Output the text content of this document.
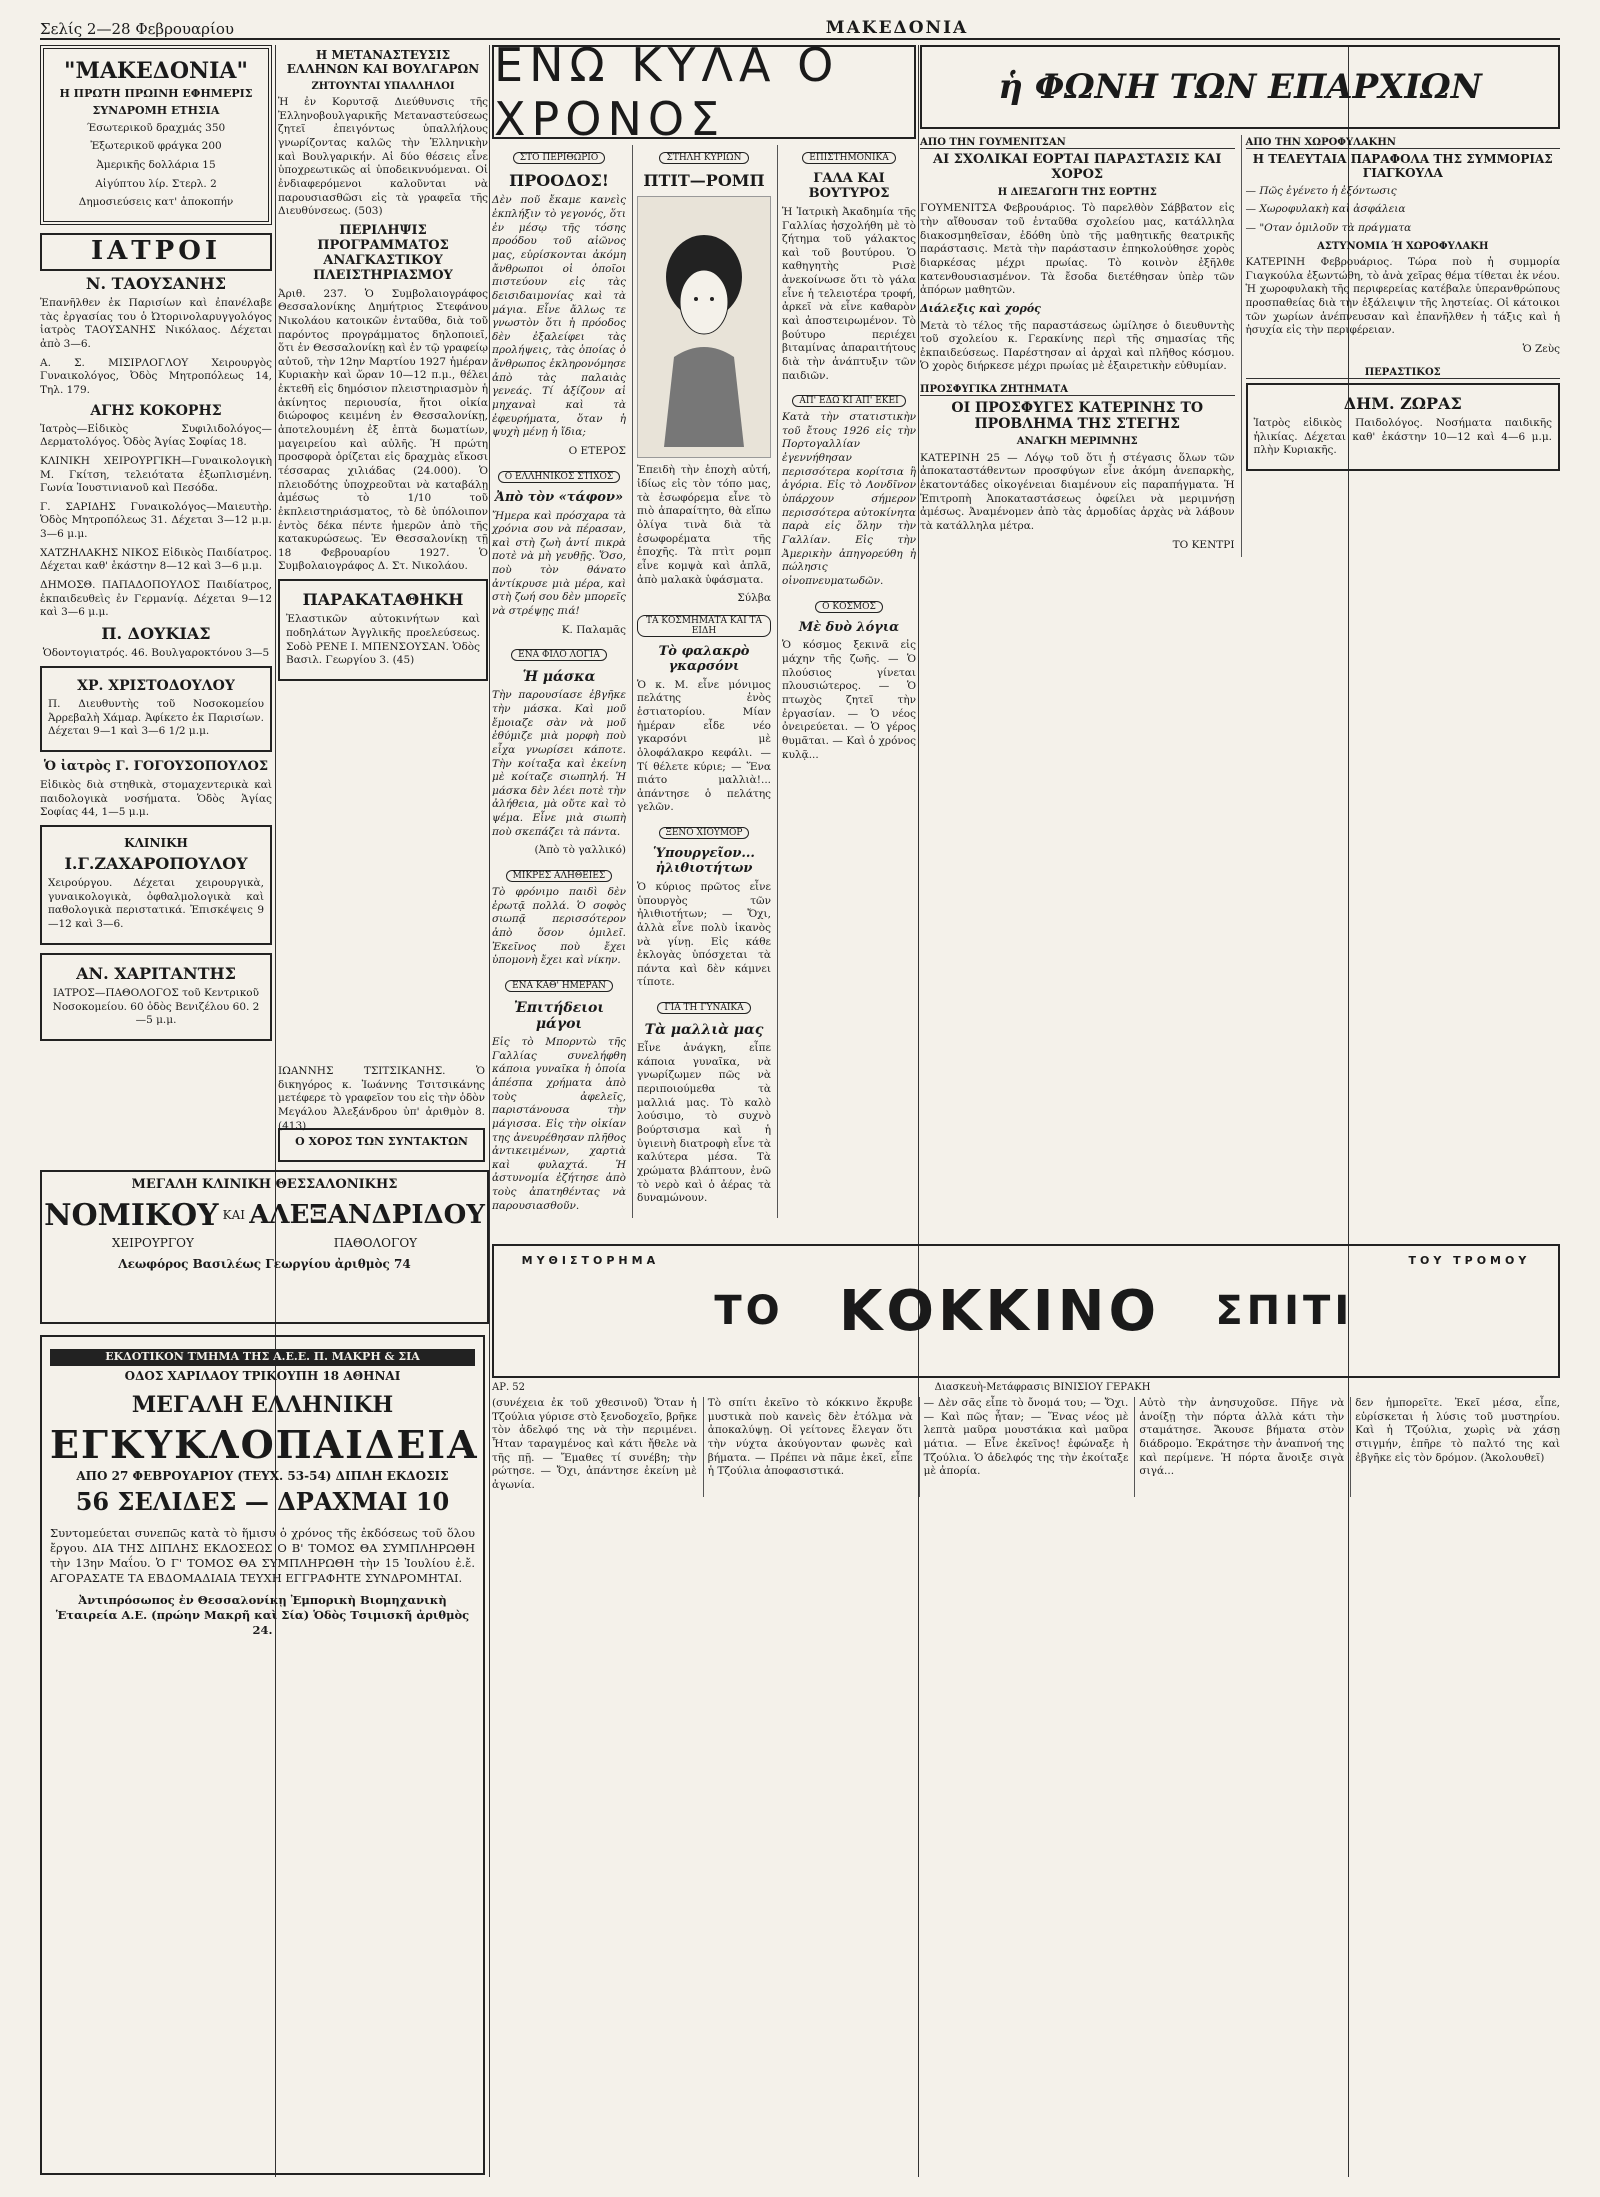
Σελίς 2—28 Φεβρουαρίου	ΜΑΚΕΔΟΝΙΑ
"ΜΑΚΕΔΟΝΙΑ"
Η ΠΡΩΤΗ ΠΡΩΙΝΗ ΕΦΗΜΕΡΙΣ
ΣΥΝΔΡΟΜΗ ΕΤΗΣΙΑ
Έσωτερικοῦ δραχμάς 350
Ἐξωτερικοῦ φράγκα 200
Ἀμερικῆς δολλάρια 15
Αἰγύπτου λίρ. Στερλ. 2
Δημοσιεύσεις κατ' ἀποκοπήν
ΙΑΤΡΟΙ
Ν. ΤΑΟΥΣΑΝΗΣ

Ἐπανῆλθεν ἐκ Παρισίων καὶ ἐπανέλαβε τὰς ἐργασίας του ὁ Ὠτορινολαρυγγολόγος ἰατρὸς ΤΑΟΥΣΑΝΗΣ Νικόλαος. Δέχεται ἀπὸ 3—6.

Α. Σ. ΜΙΣΙΡΛΟΓΛΟΥ Χειρουργὸς Γυναικολόγος, Ὀδὸς Μητροπόλεως 14, Τηλ. 179.

ΑΓΗΣ ΚΟΚΟΡΗΣ

Ἰατρὸς—Εἰδικὸς Συφιλιδολόγος—Δερματολόγος. Ὁδὸς Ἁγίας Σοφίας 18.

ΚΛΙΝΙΚΗ ΧΕΙΡΟΥΡΓΙΚΗ—Γυναικολογικὴ Μ. Γκίτση, τελειότατα ἐξωπλισμένη. Γωνία Ἰουστινιανοῦ καὶ Πεσόδα.

Γ. ΣΑΡΙΔΗΣ Γυναικολόγος—Μαιευτὴρ. Ὁδὸς Μητροπόλεως 31. Δέχεται 3—12 μ.μ. 3—6 μ.μ.

ΧΑΤΖΗΛΑΚΗΣ ΝΙΚΟΣ Εἰδικὸς Παιδίατρος. Δέχεται καθ' ἑκάστην 8—12 καὶ 3—6 μ.μ.

ΔΗΜΟΣΘ. ΠΑΠΑΔΟΠΟΥΛΟΣ Παιδίατρος, ἐκπαιδευθεὶς ἐν Γερμανίᾳ. Δέχεται 9—12 καὶ 3—6 μ.μ.

Π. ΔΟΥΚΙΑΣ

Ὁδοντογιατρός. 46. Βουλγαροκτόνου 3—5

ΧΡ. ΧΡΙΣΤΟΔΟΥΛΟΥ

Π. Διευθυντὴς τοῦ Νοσοκομείου Ἀρρεβαλὴ Χάμαρ. Ἀφίκετο ἐκ Παρισίων. Δέχεται 9—1 καὶ 3—6 1/2 μ.μ.

Ὁ ἰατρὸς Γ. ΓΟΓΟΥΣΟΠΟΥΛΟΣ

Εἰδικὸς διὰ στηθικὰ, στομαχεντερικὰ καὶ παιδολογικὰ νοσήματα. Ὁδὸς Ἁγίας Σοφίας 44, 1—5 μ.μ.

ΚΛΙΝΙΚΗ
Ι.Γ.ΖΑΧΑΡΟΠΟΥΛΟΥ

Χειρούργου. Δέχεται χειρουργικὰ, γυναικολογικὰ, ὀφθαλμολογικὰ καὶ παθολογικὰ περιστατικά. Ἐπισκέψεις 9—12 καὶ 3—6.

ΑΝ. ΧΑΡΙΤΑΝΤΗΣ

ΙΑΤΡΟΣ—ΠΑΘΟΛΟΓΟΣ τοῦ Κεντρικοῦ Νοσοκομείου. 60 ὁδὸς Βενιζέλου 60. 2—5 μ.μ.

Η ΜΕΤΑΝΑΣΤΕΥΣΙΣ ΕΛΛΗΝΩΝ ΚΑΙ ΒΟΥΛΓΑΡΩΝ
ΖΗΤΟΥΝΤΑΙ ΥΠΑΛΛΗΛΟΙ

Ἡ ἐν Κορυτσᾷ Διεύθυνσις τῆς Ἐλληνοβουλγαρικῆς Μεταναστεύσεως ζητεῖ ἐπειγόντως ὑπαλλήλους γνωρίζοντας καλῶς τὴν Ἑλληνικὴν καὶ Βουλγαρικήν. Αἱ δύο θέσεις εἶνε ὑποχρεωτικῶς αἱ ὑποδεικνυόμεναι. Οἱ ἐνδιαφερόμενοι καλοῦνται νὰ παρουσιασθῶσι εἰς τὰ γραφεῖα τῆς Διευθύνσεως. (503)

ΠΕΡΙΛΗΨΙΣ ΠΡΟΓΡΑΜΜΑΤΟΣ ΑΝΑΓΚΑΣΤΙΚΟΥ ΠΛΕΙΣΤΗΡΙΑΣΜΟΥ

Ἀριθ. 237. Ὁ Συμβολαιογράφος Θεσσαλονίκης Δημήτριος Στεφάνου Νικολάου κατοικῶν ἐνταῦθα, διὰ τοῦ παρόντος προγράμματος δηλοποιεῖ, ὅτι ἐν Θεσσαλονίκῃ καὶ ἐν τῷ γραφείῳ αὐτοῦ, τὴν 12ην Μαρτίου 1927 ἡμέραν Κυριακὴν καὶ ὥραν 10—12 π.μ., θέλει ἐκτεθῆ εἰς δημόσιον πλειστηριασμὸν ἡ ἀκίνητος περιουσία, ἤτοι οἰκία διώροφος κειμένη ἐν Θεσσαλονίκῃ, ἀποτελουμένη ἐξ ἑπτὰ δωματίων, μαγειρείου καὶ αὐλῆς. Ἡ πρώτη προσφορὰ ὁρίζεται εἰς δραχμὰς εἴκοσι τέσσαρας χιλιάδας (24.000). Ὁ πλειοδότης ὑποχρεοῦται νὰ καταβάλῃ ἀμέσως τὸ 1/10 τοῦ ἐκπλειστηριάσματος, τὸ δὲ ὑπόλοιπον ἐντὸς δέκα πέντε ἡμερῶν ἀπὸ τῆς κατακυρώσεως. Ἐν Θεσσαλονίκῃ τῇ 18 Φεβρουαρίου 1927. Ὁ Συμβολαιογράφος Δ. Στ. Νικολάου.

ΠΑΡΑΚΑΤΑΘΗΚΗ

Ἐλαστικῶν αὐτοκινήτων καὶ ποδηλάτων Ἀγγλικῆς προελεύσεως. Σοδὸ ΡΕΝΕ Ι. ΜΠΕΝΣΟΥΣΑΝ. Ὁδὸς Βασιλ. Γεωργίου 3. (45)

ΜΕΓΑΛΗ ΚΛΙΝΙΚΗ ΘΕΣΣΑΛΟΝΙΚΗΣ
ΝΟΜΙΚΟΥ ΚΑΙ ΑΛΕΞΑΝΔΡΙΔΟΥ
ΧΕΙΡΟΥΡΓΟΥ	ΠΑΘΟΛΟΓΟΥ
Λεωφόρος Βασιλέως Γεωργίου ἀριθμὸς 74
ΕΚΔΟΤΙΚΟΝ ΤΜΗΜΑ ΤΗΣ Α.Ε.Ε. Π. ΜΑΚΡΗ & ΣΙΑ
ΟΔΟΣ ΧΑΡΙΛΑΟΥ ΤΡΙΚΟΥΠΗ 18 ΑΘΗΝΑΙ
ΜΕΓΑΛΗ ΕΛΛΗΝΙΚΗ
ΕΓΚΥΚΛΟΠΑΙΔΕΙΑ
ΑΠΟ 27 ΦΕΒΡΟΥΑΡΙΟΥ (ΤΕΥΧ. 53-54) ΔΙΠΛΗ ΕΚΔΟΣΙΣ
56 ΣΕΛΙΔΕΣ — ΔΡΑΧΜΑΙ 10

Συντομεύεται συνεπῶς κατὰ τὸ ἥμισυ ὁ χρόνος τῆς ἐκδόσεως τοῦ ὅλου ἔργου. ΔΙΑ ΤΗΣ ΔΙΠΛΗΣ ΕΚΔΟΣΕΩΣ Ο Β' ΤΟΜΟΣ ΘΑ ΣΥΜΠΛΗΡΩΘΗ τὴν 13ην Μαΐου. Ὁ Γ' ΤΟΜΟΣ ΘΑ ΣΥΜΠΛΗΡΩΘΗ τὴν 15 Ἰουλίου ἐ.ἔ. ΑΓΟΡΑΣΑΤΕ ΤΑ ΕΒΔΟΜΑΔΙΑΙΑ ΤΕΥΧΗ ΕΓΓΡΑΦΗΤΕ ΣΥΝΔΡΟΜΗΤΑΙ.

Ἀντιπρόσωπος ἐν Θεσσαλονίκῃ Ἐμπορικὴ Βιομηχανικὴ Ἑταιρεία Α.Ε. (πρώην Μακρῆ καὶ Σία) Ὁδὸς Τσιμισκῆ ἀριθμὸς 24.

ΕΝΩ ΚΥΛΑ Ο ΧΡΟΝΟΣ
ΣΤΟ ΠΕΡΙΘΩΡΙΟ
ΠΡΟΟΔΟΣ!

Δὲν ποῦ ἔκαμε κανεὶς ἐκπλήξιν τὸ γεγονός, ὅτι ἐν μέσῳ τῆς τόσης προόδου τοῦ αἰῶνος μας, εὑρίσκονται ἀκόμη ἄνθρωποι οἱ ὁποῖοι πιστεύουν εἰς τὰς δεισιδαιμονίας καὶ τὰ μάγια. Εἶνε ἄλλως τε γνωστὸν ὅτι ἡ πρόοδος δὲν ἐξαλείφει τὰς προλήψεις, τὰς ὁποίας ὁ ἄνθρωπος ἐκληρονόμησε ἀπὸ τὰς παλαιὰς γενεάς. Τί ἀξίζουν αἱ μηχαναὶ καὶ τὰ ἐφευρήματα, ὅταν ἡ ψυχὴ μένῃ ἡ ἴδια;

Ο ΕΤΕΡΟΣ

Ο ΕΛΛΗΝΙΚΟΣ ΣΤΙΧΟΣ
Ἀπὸ τὸν «τάφον»

Ἤμερα καὶ πρόσχαρα τὰ χρόνια σου νὰ πέρασαν, καὶ στὴ ζωὴ ἀντί πικρὰ ποτὲ νὰ μὴ γευθῇς. Ὅσο, ποὺ τὸν θάνατο ἀντίκρυσε μιὰ μέρα, καὶ στὴ ζωή σου δὲν μπορεῖς νὰ στρέψῃς πιά!

Κ. Παλαμᾶς

ΕΝΑ ΦΙΛΟ ΛΟΓΙΑ
Ἡ μάσκα

Τὴν παρουσίασε ἐβγῆκε τὴν μάσκα. Καὶ μοῦ ἔμοιαζε σὰν νὰ μοῦ ἐθύμιζε μιὰ μορφὴ ποὺ εἶχα γνωρίσει κάποτε. Τὴν κοίταξα καὶ ἐκείνη μὲ κοίταζε σιωπηλή. Ἡ μάσκα δὲν λέει ποτὲ τὴν ἀλήθεια, μὰ οὔτε καὶ τὸ ψέμα. Εἶνε μιὰ σιωπὴ ποὺ σκεπάζει τὰ πάντα.

(Ἀπὸ τὸ γαλλικό)

ΜΙΚΡΕΣ ΑΛΗΘΕΙΕΣ

Τὸ φρόνιμο παιδὶ δὲν ἐρωτᾷ πολλά. Ὁ σοφὸς σιωπᾷ περισσότερον ἀπὸ ὅσον ὁμιλεῖ. Ἐκεῖνος ποὺ ἔχει ὑπομονὴ ἔχει καὶ νίκην.

ΕΝΑ ΚΑΘ' ΗΜΕΡΑΝ
Ἐπιτήδειοι μάγοι

Εἰς τὸ Μπορντὼ τῆς Γαλλίας συνελήφθη κάποια γυναῖκα ἡ ὁποία ἀπέσπα χρήματα ἀπὸ τοὺς ἀφελεῖς, παριστάνουσα τὴν μάγισσα. Εἰς τὴν οἰκίαν της ἀνευρέθησαν πλῆθος ἀντικειμένων, χαρτιὰ καὶ φυλαχτά. Ἡ ἀστυνομία ἐζήτησε ἀπὸ τοὺς ἀπατηθέντας νὰ παρουσιασθοῦν.

ΣΤΗΛΗ ΚΥΡΙΩΝ
ΠΤΙΤ—ΡΟΜΠ

Ἐπειδὴ τὴν ἐποχὴ αὐτή, ἰδίως εἰς τὸν τόπο μας, τὰ ἐσωφόρεμα εἶνε τὸ πιὸ ἀπαραίτητο, θὰ εἴπω ὀλίγα τινὰ διὰ τὰ ἐσωφορέματα τῆς ἐποχῆς. Τὰ πτὶτ ρομπ εἶνε κομψὰ καὶ ἁπλᾶ, ἀπὸ μαλακὰ ὑφάσματα.

Σύλβα

ΤΑ ΚΟΣΜΗΜΑΤΑ ΚΑΙ ΤΑ ΕΙΔΗ
Τὸ φαλακρὸ γκαρσόνι

Ὁ κ. Μ. εἶνε μόνιμος πελάτης ἑνὸς ἑστιατορίου. Μίαν ἡμέραν εἶδε νέο γκαρσόνι μὲ ὁλοφάλακρο κεφάλι. — Τί θέλετε κύριε; — Ἕνα πιάτο μαλλιὰ!... ἀπάντησε ὁ πελάτης γελῶν.

ΞΕΝΟ ΧΙΟΥΜΟΡ
Ὑπουργεῖον... ἠλιθιοτήτων

Ὁ κύριος πρῶτος εἶνε ὑπουργὸς τῶν ἠλιθιοτήτων; — Ὄχι, ἀλλὰ εἶνε πολὺ ἱκανὸς νὰ γίνῃ. Εἰς κάθε ἐκλογὰς ὑπόσχεται τὰ πάντα καὶ δὲν κάμνει τίποτε.

ΓΙΑ ΤΗ ΓΥΝΑΙΚΑ
Τὰ μαλλιὰ μας

Εἶνε ἀνάγκη, εἶπε κάποια γυναῖκα, νὰ γνωρίζωμεν πῶς νὰ περιποιούμεθα τὰ μαλλιά μας. Τὸ καλὸ λούσιμο, τὸ συχνὸ βούρτσισμα καὶ ἡ ὑγιεινὴ διατροφὴ εἶνε τὰ καλύτερα μέσα. Τὰ χρώματα βλάπτουν, ἐνῶ τὸ νερὸ καὶ ὁ ἀέρας τὰ δυναμώνουν.

ΕΠΙΣΤΗΜΟΝΙΚΑ
ΓΑΛΑ ΚΑΙ ΒΟΥΤΥΡΟΣ

Ἡ Ἰατρικὴ Ἀκαδημία τῆς Γαλλίας ἠσχολήθη μὲ τὸ ζήτημα τοῦ γάλακτος καὶ τοῦ βουτύρου. Ὁ καθηγητὴς Ρισὲ ἀνεκοίνωσε ὅτι τὸ γάλα εἶνε ἡ τελειοτέρα τροφή, ἀρκεῖ νὰ εἶνε καθαρὸν καὶ ἀποστειρωμένον. Τὸ βούτυρο περιέχει βιταμίνας ἀπαραιτήτους διὰ τὴν ἀνάπτυξιν τῶν παιδιῶν.

ΑΠ' ΕΔΩ ΚΙ ΑΠ' ΕΚΕΙ

Κατὰ τὴν στατιστικὴν τοῦ ἔτους 1926 εἰς τὴν Πορτογαλλίαν ἐγεννήθησαν περισσότερα κορίτσια ἢ ἀγόρια. Εἰς τὸ Λονδῖνον ὑπάρχουν σήμερον περισσότερα αὐτοκίνητα παρὰ εἰς ὅλην τὴν Γαλλίαν. Εἰς τὴν Ἀμερικὴν ἀπηγορεύθη ἡ πώλησις οἰνοπνευματωδῶν.

Ο ΚΟΣΜΟΣ
Μὲ δυὸ λόγια

Ὁ κόσμος ξεκινᾶ εἰς μάχην τῆς ζωῆς. — Ὁ πλούσιος γίνεται πλουσιώτερος. — Ὁ πτωχὸς ζητεῖ τὴν ἐργασίαν. — Ὁ νέος ὀνειρεύεται. — Ὁ γέρος θυμᾶται. — Καὶ ὁ χρόνος κυλᾷ...

ἡ ΦΩΝΗ ΤΩΝ ΕΠΑΡΧΙΩΝ
ΑΠΟ ΤΗΝ ΓΟΥΜΕΝΙΤΣΑΝ
ΑΙ ΣΧΟΛΙΚΑΙ ΕΟΡΤΑΙ ΠΑΡΑΣΤΑΣΙΣ ΚΑΙ ΧΟΡΟΣ
Η ΔΙΕΞΑΓΩΓΗ ΤΗΣ ΕΟΡΤΗΣ

ΓΟΥΜΕΝΙΤΣΑ Φεβρουάριος. Τὸ παρελθὸν Σάββατον εἰς τὴν αἴθουσαν τοῦ ἐνταῦθα σχολείου μας, κατάλληλα διακοσμηθεῖσαν, ἐδόθη ὑπὸ τῆς μαθητικῆς θεατρικῆς παράστασις. Μετὰ τὴν παράστασιν ἐπηκολούθησε χορὸς διαρκέσας μέχρι πρωίας. Τὸ κοινὸν ἐξῆλθε κατενθουσιασμένον. Τὰ ἔσοδα διετέθησαν ὑπὲρ τῶν ἀπόρων μαθητῶν.

Διάλεξις καὶ χορός

Μετὰ τὸ τέλος τῆς παραστάσεως ὡμίλησε ὁ διευθυντὴς τοῦ σχολείου κ. Γερακίνης περὶ τῆς σημασίας τῆς ἐκπαιδεύσεως. Παρέστησαν αἱ ἀρχαὶ καὶ πλῆθος κόσμου. Ὁ χορὸς διήρκεσε μέχρι πρωίας μὲ ἐξαιρετικὴν εὐθυμίαν.

ΠΡΟΣΦΥΓΙΚΑ ΖΗΤΗΜΑΤΑ
ΟΙ ΠΡΟΣΦΥΓΕΣ ΚΑΤΕΡΙΝΗΣ ΤΟ ΠΡΟΒΛΗΜΑ ΤΗΣ ΣΤΕΓΗΣ
ΑΝΑΓΚΗ ΜΕΡΙΜΝΗΣ

ΚΑΤΕΡΙΝΗ 25 — Λόγῳ τοῦ ὅτι ἡ στέγασις ὅλων τῶν ἀποκαταστάθεντων προσφύγων εἶνε ἀκόμη ἀνεπαρκὴς, ἑκατοντάδες οἰκογένειαι διαμένουν εἰς παραπήγματα. Ἡ Ἐπιτροπὴ Ἀποκαταστάσεως ὀφείλει νὰ μεριμνήσῃ ἀμέσως. Ἀναμένομεν ἀπὸ τὰς ἁρμοδίας ἀρχὰς νὰ λάβουν τὰ κατάλληλα μέτρα.

ΤΟ ΚΕΝΤΡΙ

ΑΠΟ ΤΗΝ ΧΩΡΟΦΥΛΑΚΗΝ
Η ΤΕΛΕΥΤΑΙΑ ΠΑΡΑΦΟΛΑ ΤΗΣ ΣΥΜΜΟΡΙΑΣ ΓΙΑΓΚΟΥΛΑ

— Πῶς ἐγένετο ἡ ἐξόντωσις

— Χωροφυλακὴ καὶ ἀσφάλεια

— "Οταν ὁμιλοῦν τὰ πράγματα

ΑΣΤΥΝΟΜΙΑ Ή ΧΩΡΟΦΥΛΑΚΗ

ΚΑΤΕΡΙΝΗ Φεβρουάριος. Τώρα ποὺ ἡ συμμορία Γιαγκούλα ἐξωντώθη, τὸ ἀνὰ χεῖρας θέμα τίθεται ἐκ νέου. Ἡ χωροφυλακὴ τῆς περιφερείας κατέβαλε ὑπερανθρώπους προσπαθείας διὰ τὴν ἐξάλειψιν τῆς ληστείας. Οἱ κάτοικοι τῶν χωρίων ἀνέπνευσαν καὶ ἐπανῆλθεν ἡ τάξις καὶ ἡ ἡσυχία εἰς τὴν περιφέρειαν.

Ὁ Ζεὺς

ΠΕΡΑΣΤΙΚΟΣ
ΔΗΜ. ΖΩΡΑΣ

Ἰατρὸς εἰδικὸς Παιδολόγος. Νοσήματα παιδικῆς ἡλικίας. Δέχεται καθ' ἑκάστην 10—12 καὶ 4—6 μ.μ. πλὴν Κυριακῆς.

Ο ΧΟΡΟΣ ΤΩΝ ΣΥΝΤΑΚΤΩΝ
ΜΥΘΙΣΤΟΡΗΜΑ
ΤΟ ΚΟΚΚΙΝΟ ΣΠΙΤΙ
ΤΟΥ ΤΡΟΜΟΥ
ΑΡ. 52	Διασκευὴ-Μετάφρασις ΒΙΝΙΣΙΟΥ ΓΕΡΑΚΗ

(συνέχεια ἐκ τοῦ χθεσινοῦ) Ὅταν ἡ Τζούλια γύρισε στὸ ξενοδοχεῖο, βρῆκε τὸν ἀδελφό της νὰ τὴν περιμένει. Ἦταν ταραγμένος καὶ κάτι ἤθελε νὰ τῆς πῇ. — Ἔμαθες τί συνέβη; τὴν ρώτησε. — Ὄχι, ἀπάντησε ἐκείνη μὲ ἀγωνία.

Τὸ σπίτι ἐκεῖνο τὸ κόκκινο ἔκρυβε μυστικὰ ποὺ κανεὶς δὲν ἐτόλμα νὰ ἀποκαλύψῃ. Οἱ γείτονες ἔλεγαν ὅτι τὴν νύχτα ἀκούγονταν φωνὲς καὶ βήματα. — Πρέπει νὰ πᾶμε ἐκεῖ, εἶπε ἡ Τζούλια ἀποφασιστικά.

— Δὲν σᾶς εἶπε τὸ ὄνομά του; — Ὄχι. — Καὶ πῶς ἦταν; — Ἕνας νέος μὲ λεπτὰ μαῦρα μουστάκια καὶ μαῦρα μάτια. — Εἶνε ἐκεῖνος! ἐφώναξε ἡ Τζούλια. Ὁ ἀδελφός της τὴν ἐκοίταξε μὲ ἀπορία.

Αὐτὸ τὴν ἀνησυχοῦσε. Πῆγε νὰ ἀνοίξῃ τὴν πόρτα ἀλλὰ κάτι τὴν σταμάτησε. Ἄκουσε βήματα στὸν διάδρομο. Ἐκράτησε τὴν ἀναπνοή της καὶ περίμενε. Ἡ πόρτα ἄνοιξε σιγὰ σιγά...

δεν ἠμπορεῖτε. Ἐκεῖ μέσα, εἶπε, εὑρίσκεται ἡ λύσις τοῦ μυστηρίου. Καὶ ἡ Τζούλια, χωρὶς νὰ χάσῃ στιγμήν, ἐπῆρε τὸ παλτό της καὶ ἐβγῆκε εἰς τὸν δρόμον. (Ἀκολουθεῖ)

ΙΩΑΝΝΗΣ ΤΣΙΤΣΙΚΑΝΗΣ. Ὁ δικηγόρος κ. Ἰωάννης Τσιτσικάνης μετέφερε τὸ γραφεῖον του εἰς τὴν ὁδὸν Μεγάλου Ἀλεξάνδρου ὑπ' ἀριθμὸν 8. (413)
